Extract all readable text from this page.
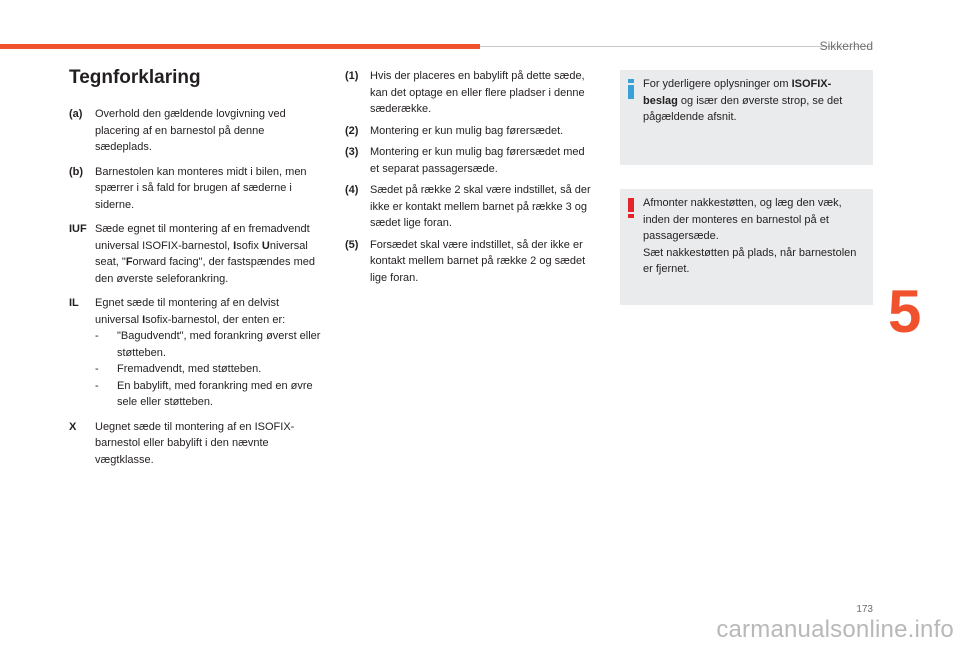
Sikkerhed
5
173
carmanualsonline.info
Tegnforklaring
(a)	Overhold den gældende lovgivning ved placering af en barnestol på denne sædeplads.
(b)	Barnestolen kan monteres midt i bilen, men spærrer i så fald for brugen af sæderne i siderne.
IUF Sæde egnet til montering af en fremadvendt universal ISOFIX-barnestol, Isofix Universal seat, "Forward facing", der fastspændes med den øverste seleforankring.
IL	Egnet sæde til montering af en delvist universal Isofix-barnestol, der enten er:
-	"Bagudvendt", med forankring øverst eller støtteben.
-	Fremadvendt, med støtteben.
-	En babylift, med forankring med en øvre sele eller støtteben.
X	Uegnet sæde til montering af en ISOFIX-barnestol eller babylift i den nævnte vægtklasse.
(1)	Hvis der placeres en babylift på dette sæde, kan det optage en eller flere pladser i denne sæderække.
(2)	Montering er kun mulig bag førersædet.
(3)	Montering er kun mulig bag førersædet med et separat passagersæde.
(4)	Sædet på række 2 skal være indstillet, så der ikke er kontakt mellem barnet på række 3 og sædet lige foran.
(5)	Forsædet skal være indstillet, så der ikke er kontakt mellem barnet på række 2 og sædet lige foran.
For yderligere oplysninger om ISOFIX-beslag og især den øverste strop, se det pågældende afsnit.
Afmonter nakkestøtten, og læg den væk, inden der monteres en barnestol på et passagersæde.
Sæt nakkestøtten på plads, når barnestolen er fjernet.
